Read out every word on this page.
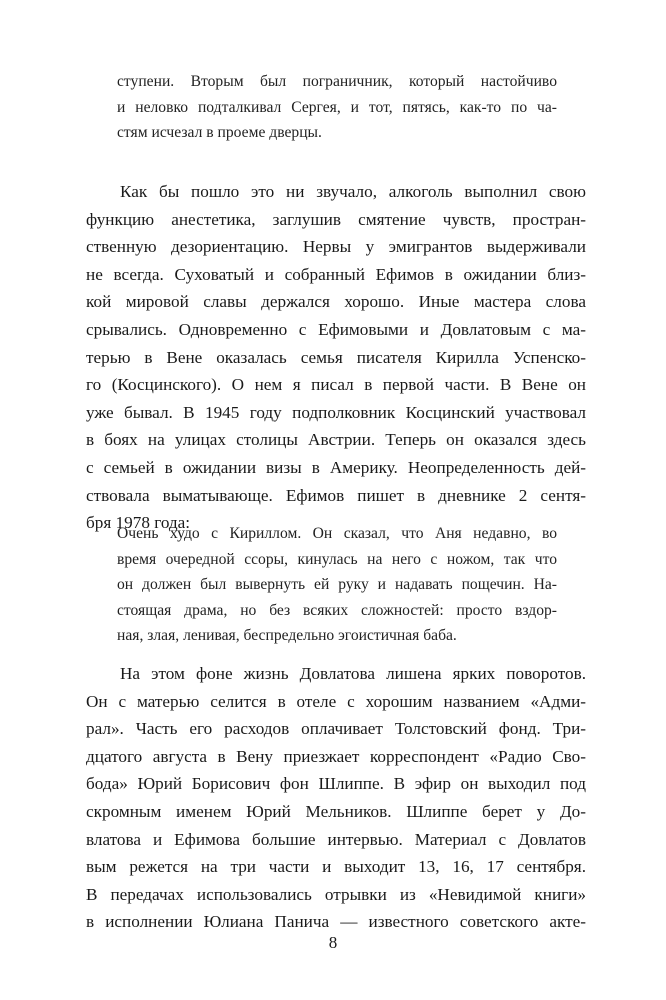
ступени. Вторым был пограничник, который настойчиво
и неловко подталкивал Сергея, и тот, пятясь, как-то по ча-
стям исчезал в проеме дверцы.
Как бы пошло это ни звучало, алкоголь выполнил свою
функцию анестетика, заглушив смятение чувств, простран-
ственную дезориентацию. Нервы у эмигрантов выдерживали
не всегда. Суховатый и собранный Ефимов в ожидании близ-
кой мировой славы держался хорошо. Иные мастера слова
срывались. Одновременно с Ефимовыми и Довлатовым с ма-
терью в Вене оказалась семья писателя Кирилла Успенско-
го (Косцинского). О нем я писал в первой части. В Вене он
уже бывал. В 1945 году подполковник Косцинский участвовал
в боях на улицах столицы Австрии. Теперь он оказался здесь
с семьей в ожидании визы в Америку. Неопределенность дей-
ствовала выматывающе. Ефимов пишет в дневнике 2 сентя-
бря 1978 года:
Очень худо с Кириллом. Он сказал, что Аня недавно, во
время очередной ссоры, кинулась на него с ножом, так что
он должен был вывернуть ей руку и надавать пощечин. На-
стоящая драма, но без всяких сложностей: просто вздор-
ная, злая, ленивая, беспредельно эгоистичная баба.
На этом фоне жизнь Довлатова лишена ярких поворотов.
Он с матерью селится в отеле с хорошим названием «Адми-
рал». Часть его расходов оплачивает Толстовский фонд. Три-
дцатого августа в Вену приезжает корреспондент «Радио Сво-
бода» Юрий Борисович фон Шлиппе. В эфир он выходил под
скромным именем Юрий Мельников. Шлиппе берет у До-
влатова и Ефимова большие интервью. Материал с Довлатов
вым режется на три части и выходит 13, 16, 17 сентября.
В передачах использовались отрывки из «Невидимой книги»
в исполнении Юлиана Панича — известного советского акте-
8
